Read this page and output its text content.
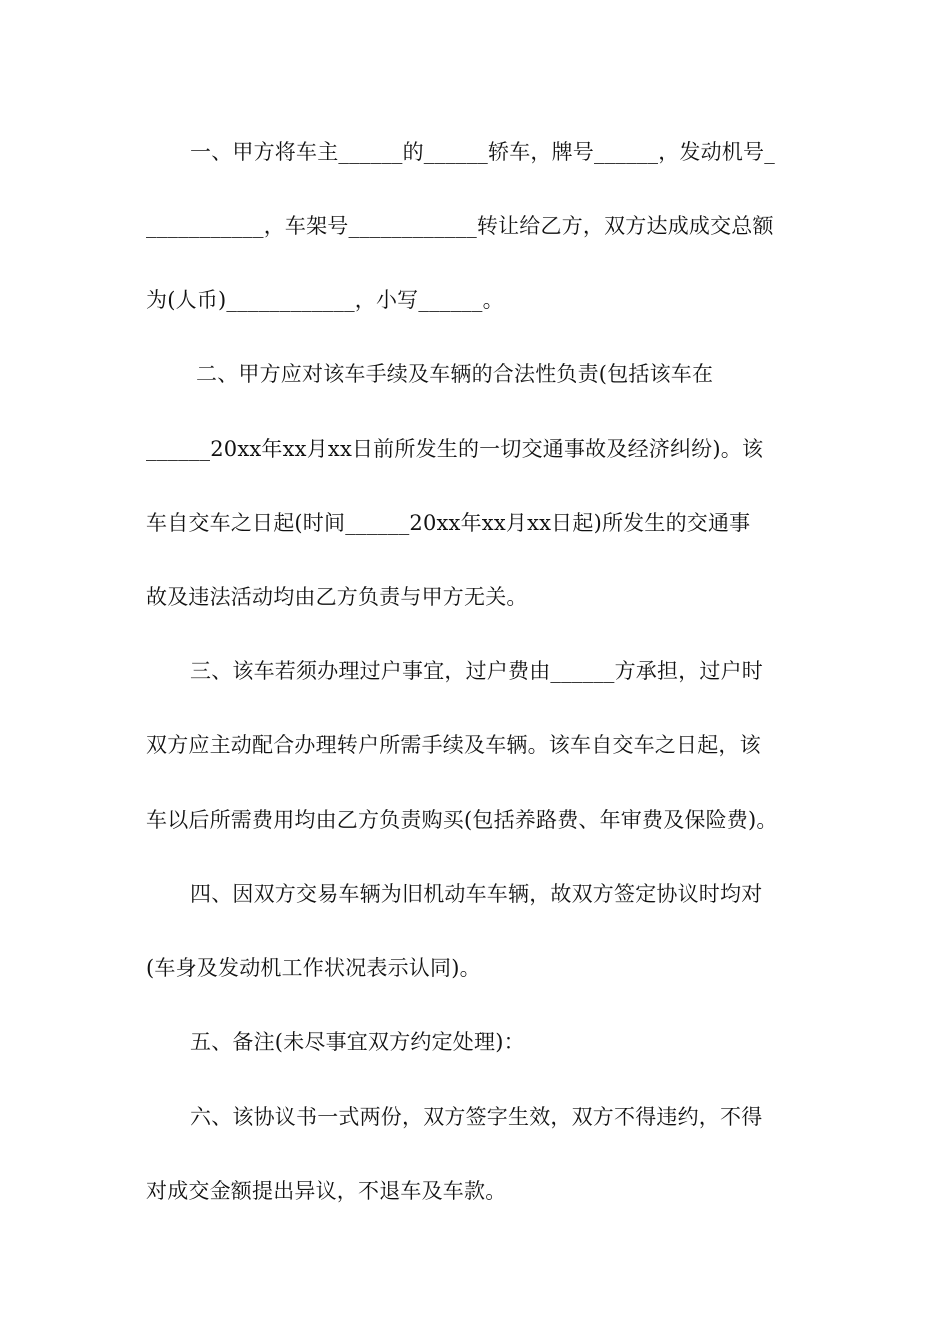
一、甲方将车主______的______轿车，牌号______，发动机号_
___________，车架号____________转让给乙方，双方达成成交总额
为(人币)____________，小写______。
二、甲方应对该车手续及车辆的合法性负责(包括该车在
______20xx年xx月xx日前所发生的一切交通事故及经济纠纷)。该
车自交车之日起(时间______20xx年xx月xx日起)所发生的交通事
故及违法活动均由乙方负责与甲方无关。
三、该车若须办理过户事宜，过户费由______方承担，过户时
双方应主动配合办理转户所需手续及车辆。该车自交车之日起，该
车以后所需费用均由乙方负责购买(包括养路费、年审费及保险费)。
四、因双方交易车辆为旧机动车车辆，故双方签定协议时均对
(车身及发动机工作状况表示认同)。
五、备注(未尽事宜双方约定处理)：
六、该协议书一式两份，双方签字生效，双方不得违约，不得
对成交金额提出异议，不退车及车款。
